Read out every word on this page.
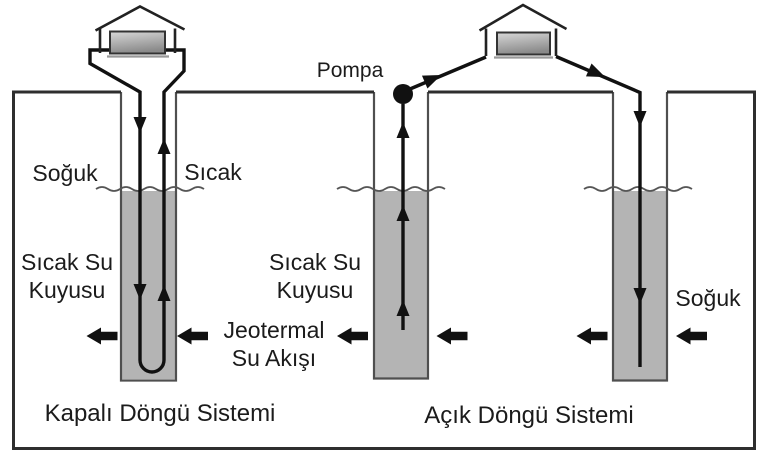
Soğuk	Sıcak
Pompa
Sıcak Su
Kuyusu
Sıcak Su
Kuyusu
Jeotermal
Su Akışı
Soğuk
Kapalı Döngü Sistemi	Açık Döngü Sistemi
